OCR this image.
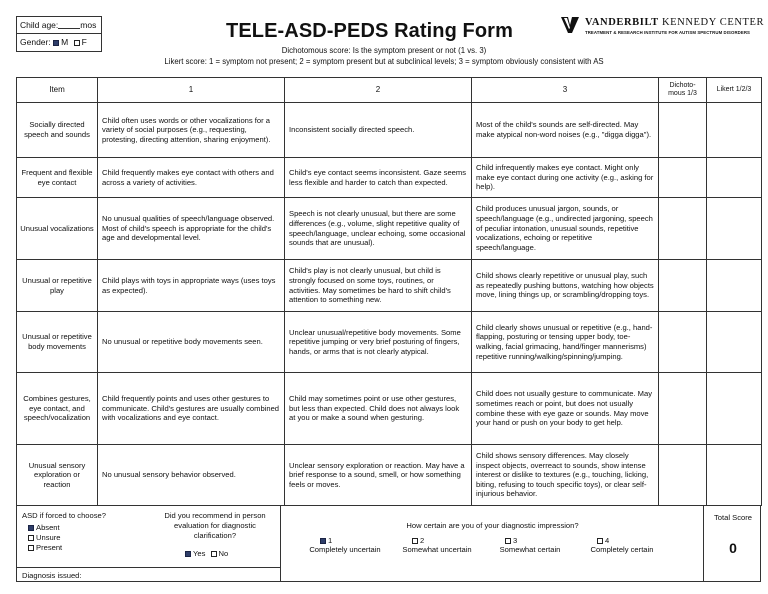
Child age:	mos
Gender: M F	TELE-ASD-PEDS Rating Form
Dichotomous score: Is the symptom present or not (1 vs. 3)
Likert score: 1 = symptom not present; 2 = symptom present but at subclinical levels; 3 = symptom obviously consistent with AS
VANDERBILT KENNEDY CENTER
TREATMENT & RESEARCH INSTITUTE FOR AUTISM SPECTRUM DISORDERS
Item	1	2	3	Dichoto-mous 1/3	Likert 1/2/3
Socially directed speech and sounds	Child often uses words or other vocalizations for a variety of social purposes (e.g., requesting, protesting, directing attention, sharing enjoyment).	Inconsistent socially directed speech.	Most of the child's sounds are self-directed. May make atypical non-word noises (e.g., "digga digga").		
Frequent and flexible eye contact	Child frequently makes eye contact with others and across a variety of activities.	Child's eye contact seems inconsistent. Gaze seems less flexible and harder to catch than expected.	Child infrequently makes eye contact. Might only make eye contact during one activity (e.g., asking for help).		
Unusual vocalizations	No unusual qualities of speech/language observed. Most of child's speech is appropriate for the child's age and developmental level.	Speech is not clearly unusual, but there are some differences (e.g., volume, slight repetitive quality of speech/language, unclear echoing, some occasional sounds that are unusual).	Child produces unusual jargon, sounds, or speech/language (e.g., undirected jargoning, speech of peculiar intonation, unusual sounds, repetitive vocalizations, echoing or repetitive speech/language.		
Unusual or repetitive play	Child plays with toys in appropriate ways (uses toys as expected).	Child's play is not clearly unusual, but child is strongly focused on some toys, routines, or activities. May sometimes be hard to shift child's attention to something new.	Child shows clearly repetitive or unusual play, such as repeatedly pushing buttons, watching how objects move, lining things up, or scrambling/dropping toys.		
Unusual or repetitive body movements	No unusual or repetitive body movements seen.	Unclear unusual/repetitive body movements. Some repetitive jumping or very brief posturing of fingers, hands, or arms that is not clearly atypical.	Child clearly shows unusual or repetitive (e.g., hand-flapping, posturing or tensing upper body, toe-walking, facial grimacing, hand/finger mannerisms) repetitive running/walking/spinning/jumping.		
Combines gestures, eye contact, and speech/vocalization	Child frequently points and uses other gestures to communicate. Child's gestures are usually combined with vocalizations and eye contact.	Child may sometimes point or use other gestures, but less than expected. Child does not always look at you or make a sound when gesturing.	Child does not usually gesture to communicate. May sometimes reach or point, but does not usually combine these with eye gaze or sounds. May move your hand or push on your body to get help.		
Unusual sensory exploration or reaction	No unusual sensory behavior observed.	Unclear sensory exploration or reaction. May have a brief response to a sound, smell, or how something feels or moves.	Child shows sensory differences. May closely inspect objects, overreact to sounds, show intense interest or dislike to textures (e.g., touching, licking, biting, refusing to touch specific toys), or clear self-injurious behavior.		
ASD if forced to choose?
Absent
Unsure
Present
Did you recommend in person evaluation for diagnostic clarification?
Yes No
Diagnosis issued:
How certain are you of your diagnostic impression?
1
Completely uncertain
2
Somewhat uncertain
3
Somewhat certain
4
Completely certain
Total Score
0
